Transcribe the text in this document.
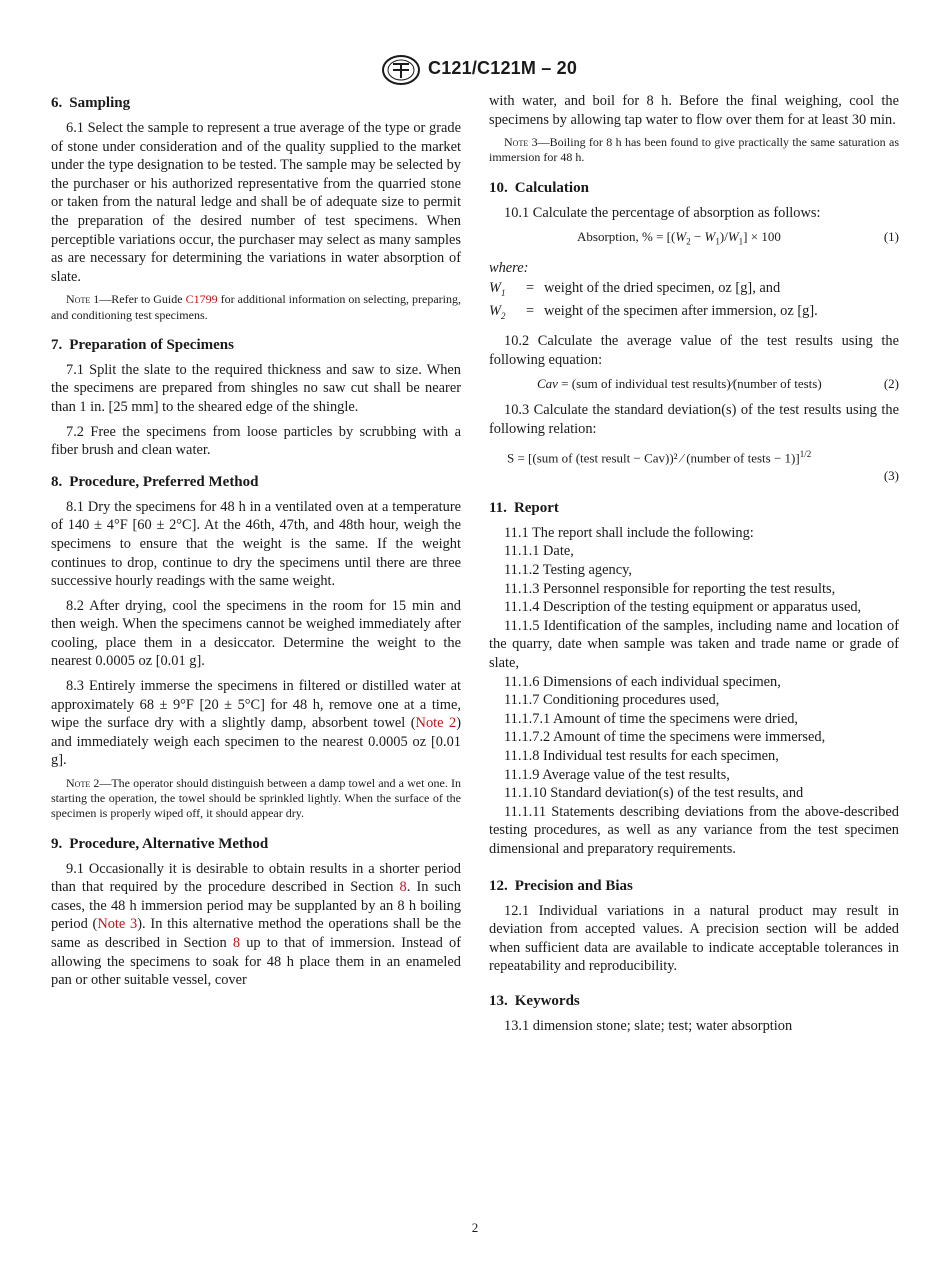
C121/C121M – 20
6. Sampling

6.1 Select the sample to represent a true average of the type or grade of stone under consideration and of the quality supplied to the market under the type designation to be tested. The sample may be selected by the purchaser or his authorized representative from the quarried stone or taken from the natural ledge and shall be of adequate size to permit the preparation of the desired number of test specimens. When perceptible variations occur, the purchaser may select as many samples as are necessary for determining the variations in water absorption of slate.

Note 1—Refer to Guide C1799 for additional information on selecting, preparing, and conditioning test specimens.

7. Preparation of Specimens

7.1 Split the slate to the required thickness and saw to size. When the specimens are prepared from shingles no saw cut shall be nearer than 1 in. [25 mm] to the sheared edge of the shingle.

7.2 Free the specimens from loose particles by scrubbing with a fiber brush and clean water.

8. Procedure, Preferred Method

8.1 Dry the specimens for 48 h in a ventilated oven at a temperature of 140 ± 4°F [60 ± 2°C]. At the 46th, 47th, and 48th hour, weigh the specimens to ensure that the weight is the same. If the weight continues to drop, continue to dry the specimens until there are three successive hourly readings with the same weight.

8.2 After drying, cool the specimens in the room for 15 min and then weigh. When the specimens cannot be weighed immediately after cooling, place them in a desiccator. Determine the weight to the nearest 0.0005 oz [0.01 g].

8.3 Entirely immerse the specimens in filtered or distilled water at approximately 68 ± 9°F [20 ± 5°C] for 48 h, remove one at a time, wipe the surface dry with a slightly damp, absorbent towel (Note 2) and immediately weigh each specimen to the nearest 0.0005 oz [0.01 g].

Note 2—The operator should distinguish between a damp towel and a wet one. In starting the operation, the towel should be sprinkled lightly. When the surface of the specimen is properly wiped off, it should appear dry.

9. Procedure, Alternative Method

9.1 Occasionally it is desirable to obtain results in a shorter period than that required by the procedure described in Section 8. In such cases, the 48 h immersion period may be supplanted by an 8 h boiling period (Note 3). In this alternative method the operations shall be the same as described in Section 8 up to that of immersion. Instead of allowing the specimens to soak for 48 h place them in an enameled pan or other suitable vessel, cover

with water, and boil for 8 h. Before the final weighing, cool the specimens by allowing tap water to flow over them for at least 30 min.

Note 3—Boiling for 8 h has been found to give practically the same saturation as immersion for 48 h.

10. Calculation

10.1 Calculate the percentage of absorption as follows:

Absorption, % = $[(W_2 - W_1)/W_1] \times 100$	(1)
where:
$W_1$	= weight of the dried specimen, oz [g], and
$W_2$	= weight of the specimen after immersion, oz [g].

10.2 Calculate the average value of the test results using the following equation:

Cav = (sum of individual test results)⁄(number of tests)	(2)

10.3 Calculate the standard deviation(s) of the test results using the following relation:

S = [(sum of (test result − Cav))² ⁄ (number of tests − 1)]$^{1/2}$
(3)
11. Report

11.1 The report shall include the following:

11.1.1 Date,

11.1.2 Testing agency,

11.1.3 Personnel responsible for reporting the test results,

11.1.4 Description of the testing equipment or apparatus used,

11.1.5 Identification of the samples, including name and location of the quarry, date when sample was taken and trade name or grade of slate,

11.1.6 Dimensions of each individual specimen,

11.1.7 Conditioning procedures used,

11.1.7.1 Amount of time the specimens were dried,

11.1.7.2 Amount of time the specimens were immersed,

11.1.8 Individual test results for each specimen,

11.1.9 Average value of the test results,

11.1.10 Standard deviation(s) of the test results, and

11.1.11 Statements describing deviations from the above-described testing procedures, as well as any variance from the test specimen dimensional and preparatory requirements.

12. Precision and Bias

12.1 Individual variations in a natural product may result in deviation from accepted values. A precision section will be added when sufficient data are available to indicate acceptable tolerances in repeatability and reproducibility.

13. Keywords

13.1 dimension stone; slate; test; water absorption

2
